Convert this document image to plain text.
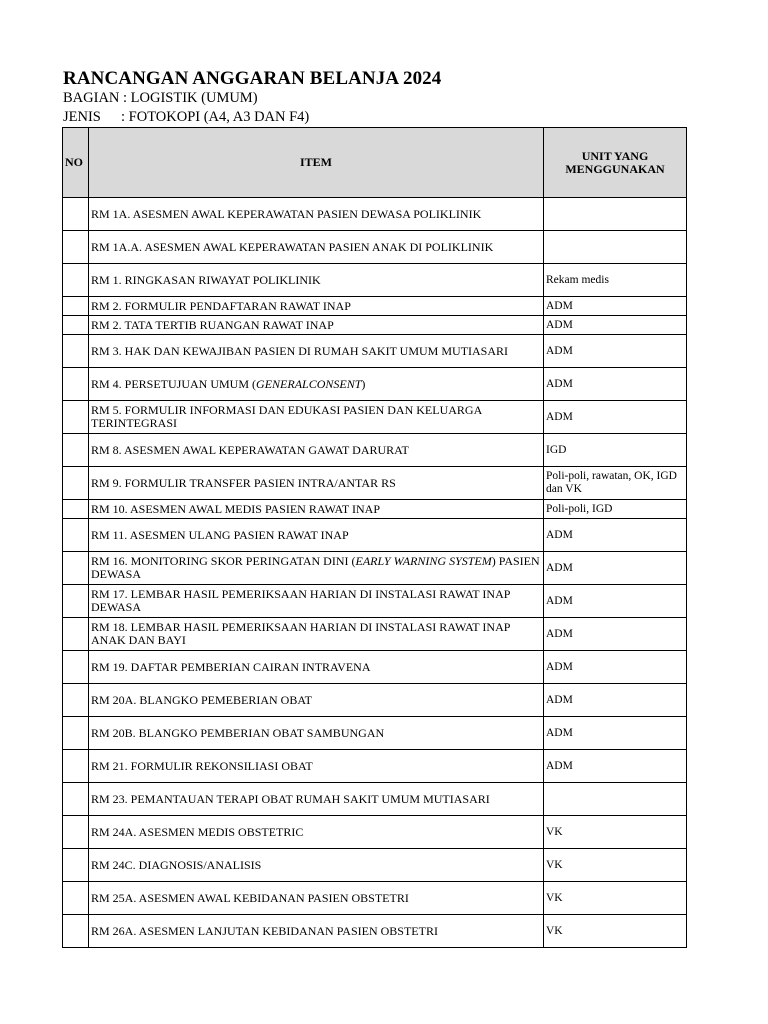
RANCANGAN ANGGARAN BELANJA 2024
BAGIAN : LOGISTIK (UMUM)
JENIS : FOTOKOPI (A4, A3 DAN F4)
NO	ITEM	UNIT YANG MENGGUNAKAN
	RM 1A. ASESMEN AWAL KEPERAWATAN PASIEN DEWASA POLIKLINIK	
	RM 1A.A. ASESMEN AWAL KEPERAWATAN PASIEN ANAK DI POLIKLINIK	
	RM 1. RINGKASAN RIWAYAT POLIKLINIK	Rekam medis
	RM 2. FORMULIR PENDAFTARAN RAWAT INAP	ADM
	RM 2. TATA TERTIB RUANGAN RAWAT INAP	ADM
	RM 3. HAK DAN KEWAJIBAN PASIEN DI RUMAH SAKIT UMUM MUTIASARI	ADM
	RM 4. PERSETUJUAN UMUM (GENERALCONSENT)	ADM
	RM 5. FORMULIR INFORMASI DAN EDUKASI PASIEN DAN KELUARGA TERINTEGRASI	ADM
	RM 8. ASESMEN AWAL KEPERAWATAN GAWAT DARURAT	IGD
	RM 9. FORMULIR TRANSFER PASIEN INTRA/ANTAR RS	Poli-poli, rawatan, OK, IGD dan VK
	RM 10. ASESMEN AWAL MEDIS PASIEN RAWAT INAP	Poli-poli, IGD
	RM 11. ASESMEN ULANG PASIEN RAWAT INAP	ADM
	RM 16. MONITORING SKOR PERINGATAN DINI (EARLY WARNING SYSTEM) PASIEN DEWASA	ADM
	RM 17. LEMBAR HASIL PEMERIKSAAN HARIAN DI INSTALASI RAWAT INAP DEWASA	ADM
	RM 18. LEMBAR HASIL PEMERIKSAAN HARIAN DI INSTALASI RAWAT INAP ANAK DAN BAYI	ADM
	RM 19. DAFTAR PEMBERIAN CAIRAN INTRAVENA	ADM
	RM 20A. BLANGKO PEMEBERIAN OBAT	ADM
	RM 20B. BLANGKO PEMBERIAN OBAT SAMBUNGAN	ADM
	RM 21. FORMULIR REKONSILIASI OBAT	ADM
	RM 23. PEMANTAUAN TERAPI OBAT RUMAH SAKIT UMUM MUTIASARI	
	RM 24A. ASESMEN MEDIS OBSTETRIC	VK
	RM 24C. DIAGNOSIS/ANALISIS	VK
	RM 25A. ASESMEN AWAL KEBIDANAN PASIEN OBSTETRI	VK
	RM 26A. ASESMEN LANJUTAN KEBIDANAN PASIEN OBSTETRI	VK
